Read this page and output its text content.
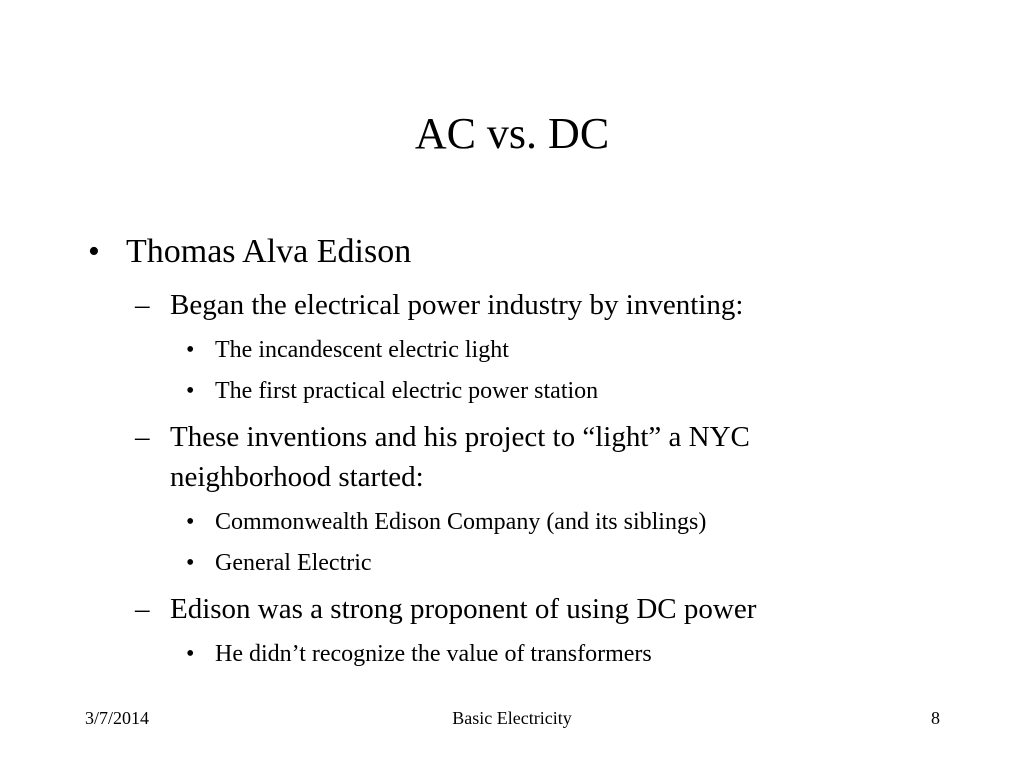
AC vs. DC
• Thomas Alva Edison
– Began the electrical power industry by inventing:
• The incandescent electric light
• The first practical electric power station
– These inventions and his project to “light” a NYC neighborhood started:
• Commonwealth Edison Company (and its siblings)
• General Electric
– Edison was a strong proponent of using DC power
• He didn’t recognize the value of transformers
3/7/2014	Basic Electricity	8
